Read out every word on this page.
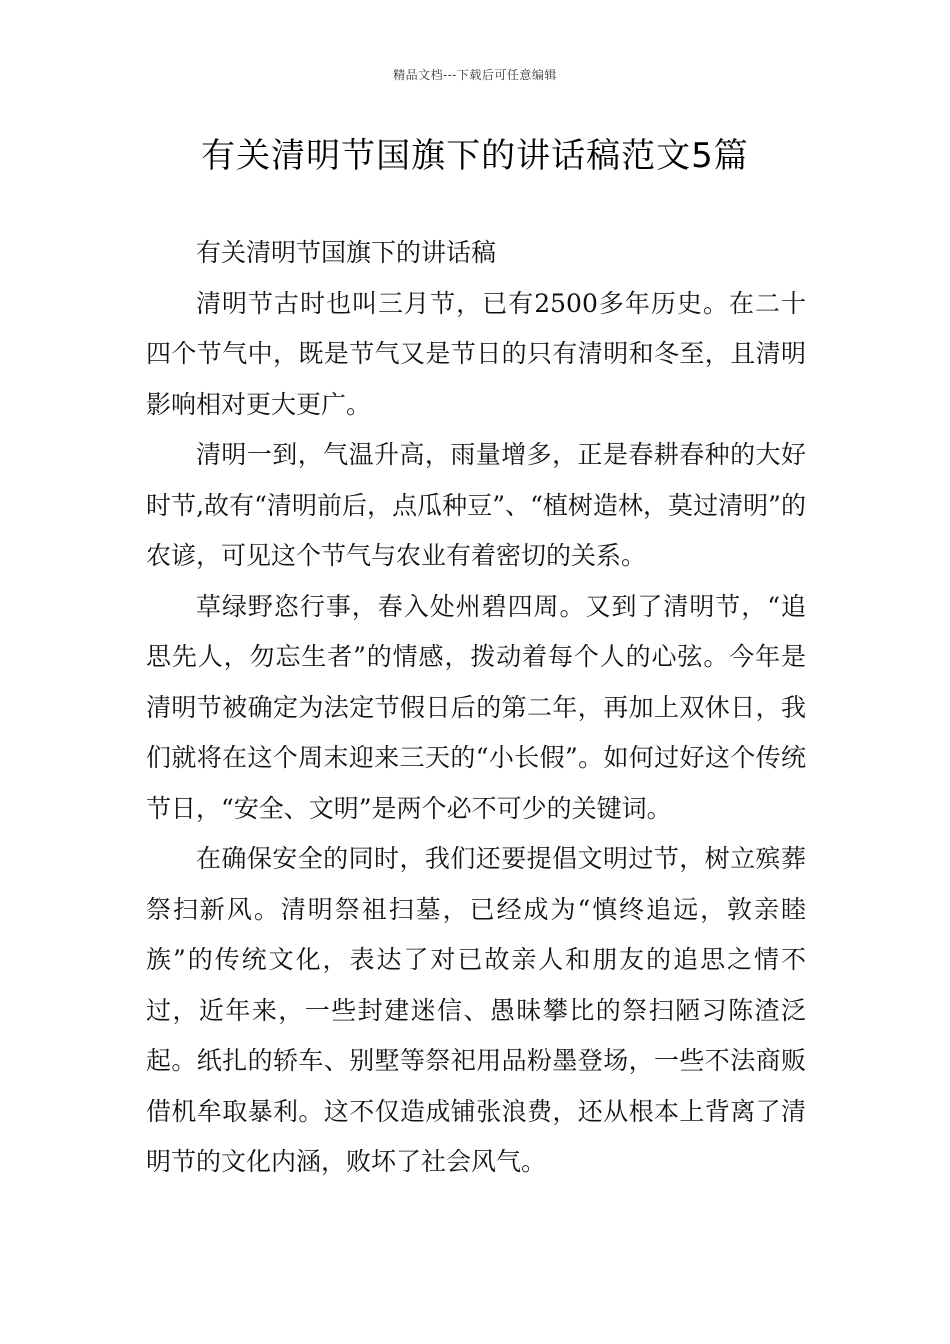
精品文档---下载后可任意编辑
有关清明节国旗下的讲话稿范文5篇

有关清明节国旗下的讲话稿

清明节古时也叫三月节，已有2500多年历史。在二十四个节气中，既是节气又是节日的只有清明和冬至，且清明影响相对更大更广。

清明一到，气温升高，雨量增多，正是春耕春种的大好时节,故有“清明前后，点瓜种豆”、“植树造林，莫过清明”的农谚，可见这个节气与农业有着密切的关系。

草绿野恣行事，春入处州碧四周。又到了清明节，“追思先人，勿忘生者”的情感，拨动着每个人的心弦。今年是清明节被确定为法定节假日后的第二年，再加上双休日，我们就将在这个周末迎来三天的“小长假”。如何过好这个传统节日，“安全、文明”是两个必不可少的关键词。

在确保安全的同时，我们还要提倡文明过节，树立殡葬祭扫新风。清明祭祖扫墓，已经成为“慎终追远，敦亲睦族”的传统文化，表达了对已故亲人和朋友的追思之情不过，近年来，一些封建迷信、愚昧攀比的祭扫陋习陈渣泛起。纸扎的轿车、别墅等祭祀用品粉墨登场，一些不法商贩借机牟取暴利。这不仅造成铺张浪费，还从根本上背离了清明节的文化内涵，败坏了社会风气。
